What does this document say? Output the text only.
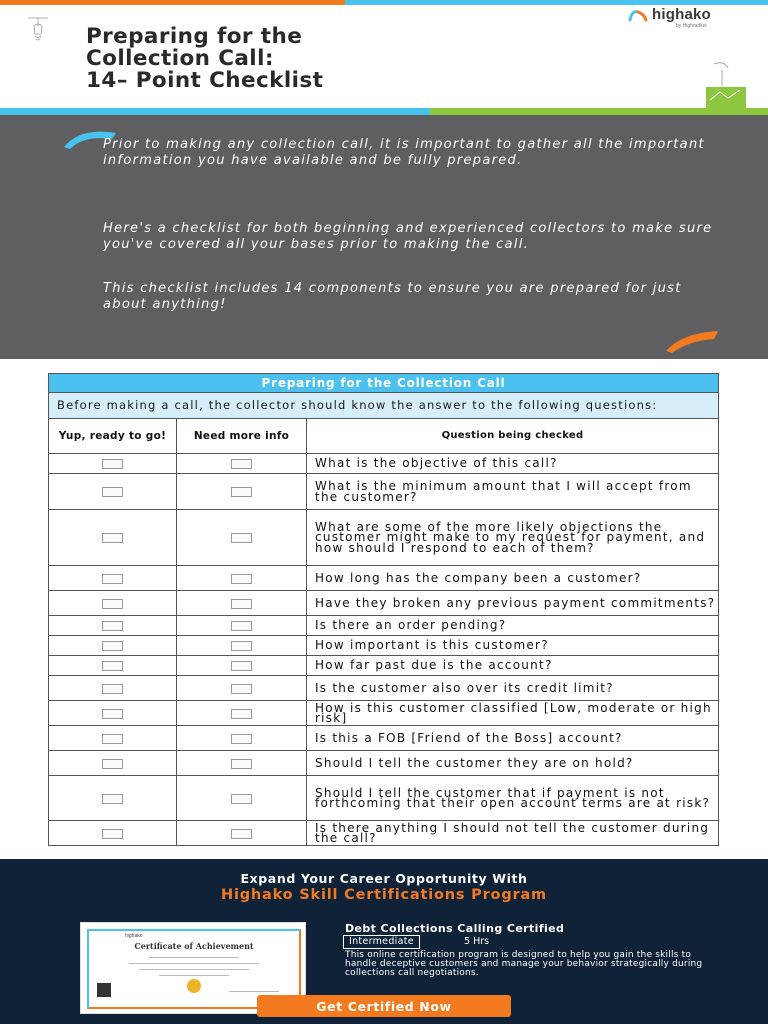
Preparing for the
Collection Call:
14– Point Checklist
highako
by Highradius

Prior to making any collection call, it is important to gather all the important information you have available and be fully prepared.

Here's a checklist for both beginning and experienced collectors to make sure you've covered all your bases prior to making the call.

This checklist includes 14 components to ensure you are prepared for just about anything!

Preparing for the Collection Call		
Before making a call, the collector should know the answer to the following questions:		
Yup, ready to go!	Need more info	Question being checked
		What is the objective of this call?
		What is the minimum amount that I will accept from the customer?
		What are some of the more likely objections the customer might make to my request for payment, and how should I respond to each of them?
		How long has the company been a customer?
		Have they broken any previous payment commitments?
		Is there an order pending?
		How important is this customer?
		How far past due is the account?
		Is the customer also over its credit limit?
		How is this customer classified [Low, moderate or high risk]
		Is this a FOB [Friend of the Boss] account?
		Should I tell the customer they are on hold?
		Should I tell the customer that if payment is not forthcoming that their open account terms are at risk?
		Is there anything I should not tell the customer during the call?
Expand Your Career Opportunity With
Highako Skill Certifications Program
highako
Certificate of Achievement
Debt Collections Calling Certified
Intermediate	5 Hrs
This online certification program is designed to help you gain the skills to handle deceptive customers and manage your behavior strategically during collections call negotiations.
Get Certified Now
